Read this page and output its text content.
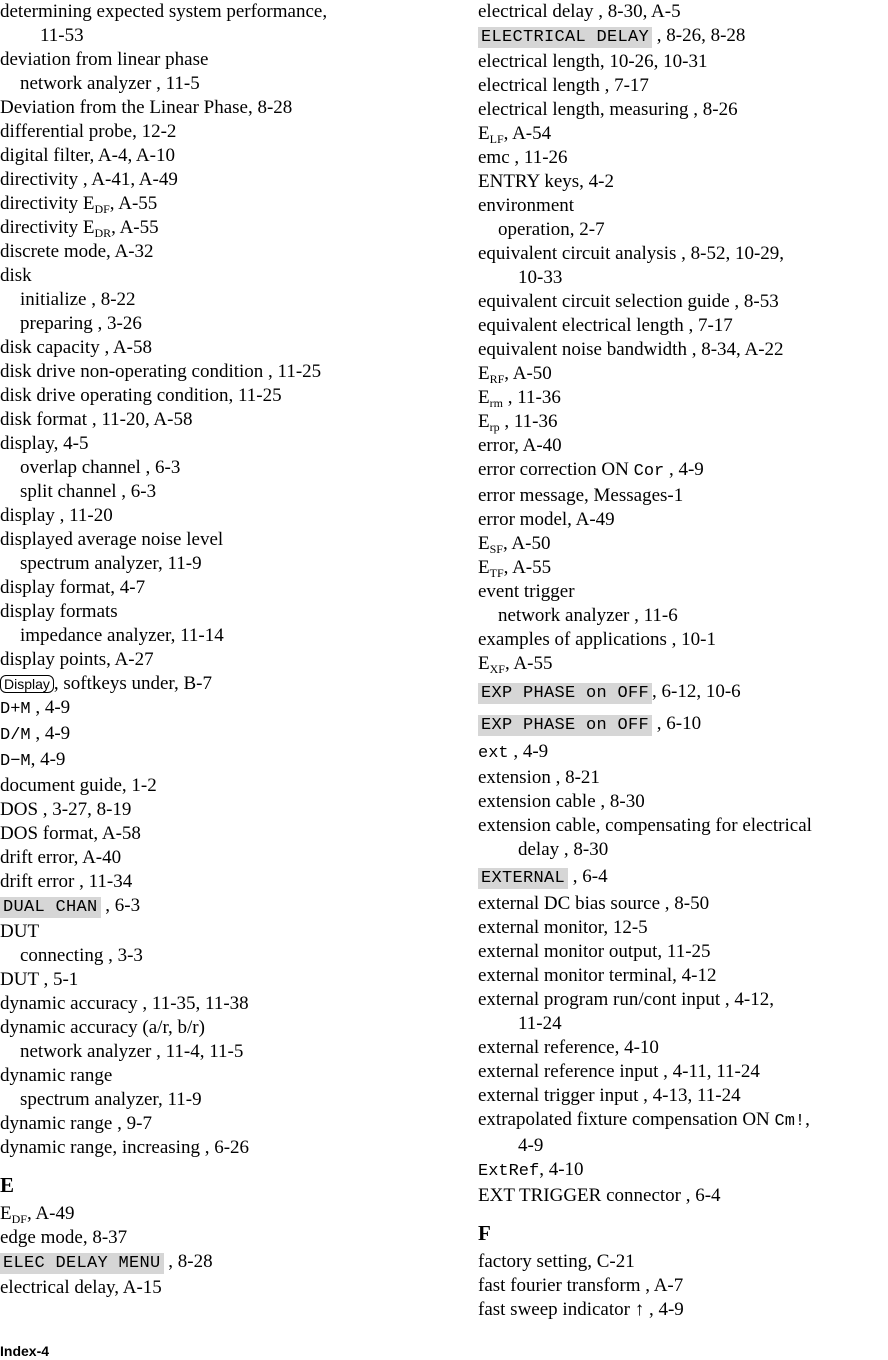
determining expected system performance,
11-53
deviation from linear phase
network analyzer , 11-5
Deviation from the Linear Phase, 8-28
differential probe, 12-2
digital filter, A-4, A-10
directivity , A-41, A-49
directivity $E_{DF}$, A-55
directivity $E_{DR}$, A-55
discrete mode, A-32
disk
initialize , 8-22
preparing , 3-26
disk capacity , A-58
disk drive non-operating condition , 11-25
disk drive operating condition, 11-25
disk format , 11-20, A-58
display, 4-5
overlap channel , 6-3
split channel , 6-3
display , 11-20
displayed average noise level
spectrum analyzer, 11-9
display format, 4-7
display formats
impedance analyzer, 11-14
display points, A-27
Display , softkeys under, B-7
D+M , 4-9
D/M , 4-9
D−M, 4-9
document guide, 1-2
DOS , 3-27, 8-19
DOS format, A-58
drift error, A-40
drift error , 11-34
DUAL CHAN , 6-3
DUT
connecting , 3-3
DUT , 5-1
dynamic accuracy , 11-35, 11-38
dynamic accuracy (a/r, b/r)
network analyzer , 11-4, 11-5
dynamic range
spectrum analyzer, 11-9
dynamic range , 9-7
dynamic range, increasing , 6-26
E
$E_{DF}$, A-49
edge mode, 8-37
ELEC DELAY MENU , 8-28
electrical delay, A-15
electrical delay , 8-30, A-5
ELECTRICAL DELAY , 8-26, 8-28
electrical length, 10-26, 10-31
electrical length , 7-17
electrical length, measuring , 8-26
$E_{LF}$, A-54
emc , 11-26
ENTRY keys, 4-2
environment
operation, 2-7
equivalent circuit analysis , 8-52, 10-29,
10-33
equivalent circuit selection guide , 8-53
equivalent electrical length , 7-17
equivalent noise bandwidth , 8-34, A-22
$E_{RF}$, A-50
$E_{rm}$ , 11-36
$E_{rp}$ , 11-36
error, A-40
error correction ON Cor , 4-9
error message, Messages-1
error model, A-49
$E_{SF}$, A-50
$E_{TF}$, A-55
event trigger
network analyzer , 11-6
examples of applications , 10-1
$E_{XF}$, A-55
EXP PHASE on OFF , 6-12, 10-6
EXP PHASE on OFF , 6-10
ext , 4-9
extension , 8-21
extension cable , 8-30
extension cable, compensating for electrical
delay , 8-30
EXTERNAL , 6-4
external DC bias source , 8-50
external monitor, 12-5
external monitor output, 11-25
external monitor terminal, 4-12
external program run/cont input , 4-12,
11-24
external reference, 4-10
external reference input , 4-11, 11-24
external trigger input , 4-13, 11-24
extrapolated fixture compensation ON Cm!,
4-9
ExtRef, 4-10
EXT TRIGGER connector , 6-4
F
factory setting, C-21
fast fourier transform , A-7
fast sweep indicator ↑ , 4-9
Index-4
